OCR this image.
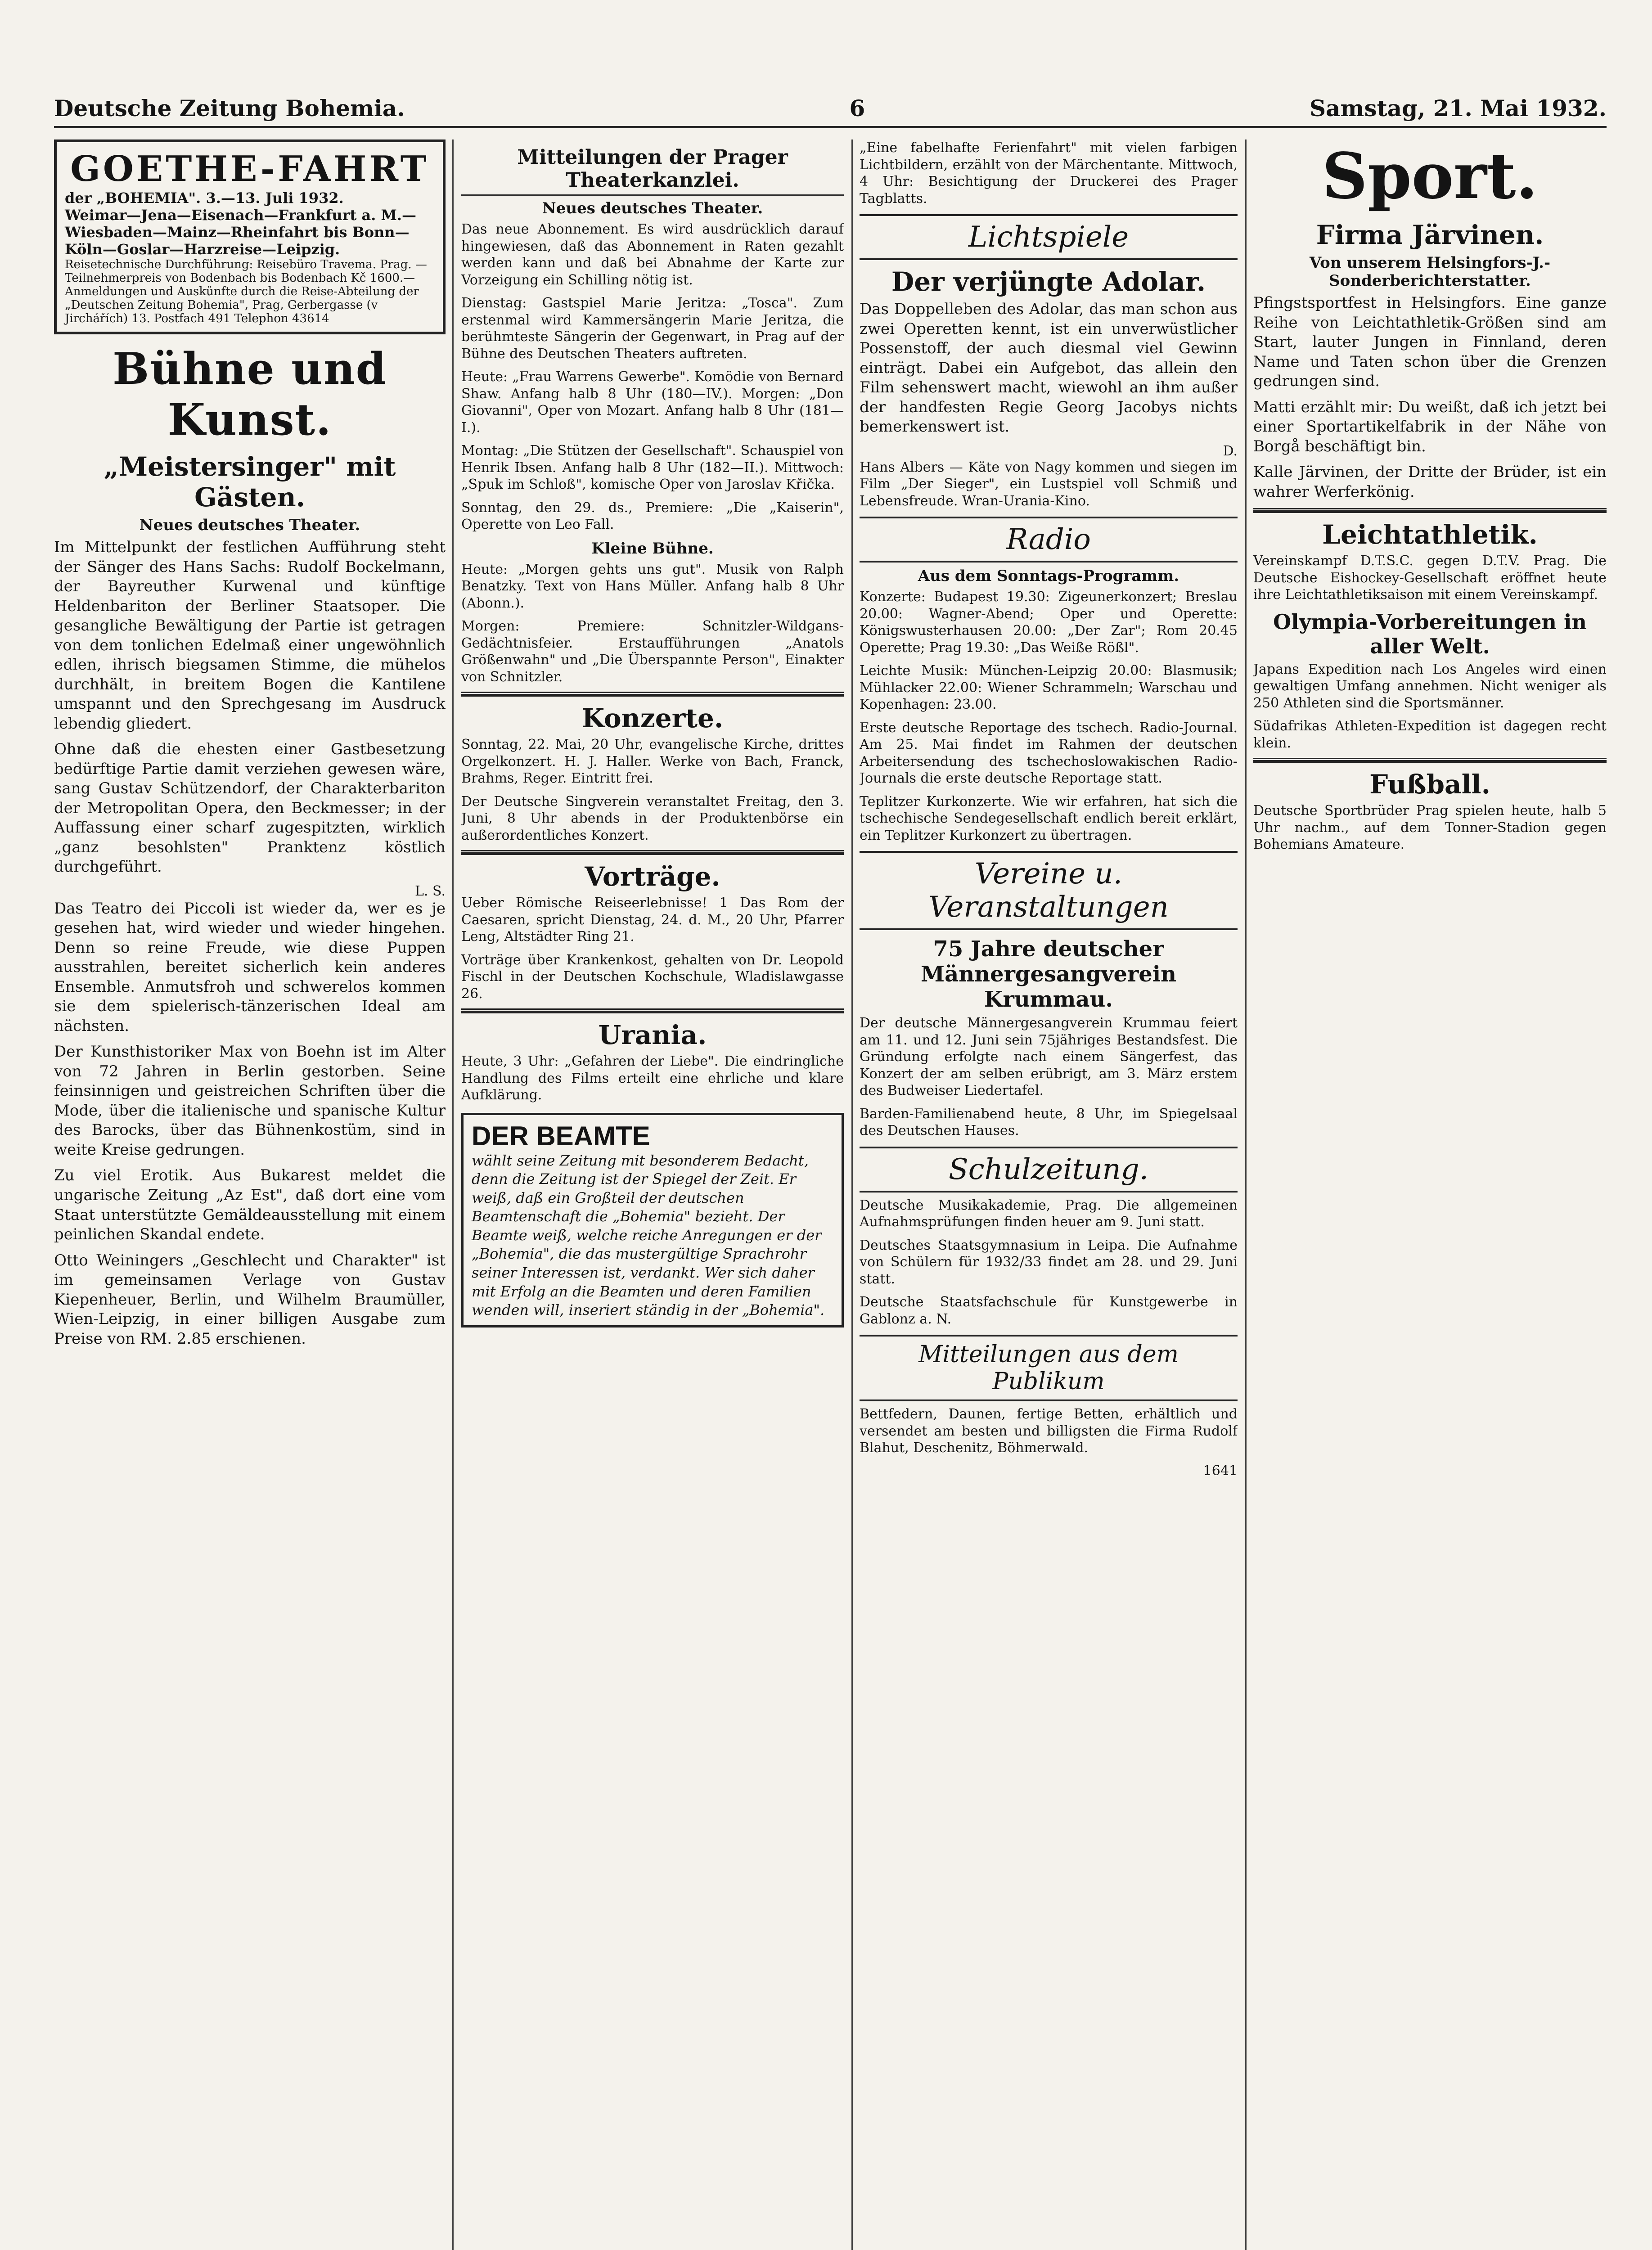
Deutsche Zeitung Bohemia.	6	Samstag, 21. Mai 1932.
GOETHE-FAHRT
der „BOHEMIA". 3.—13. Juli 1932.
Weimar—Jena—Eisenach—Frankfurt a. M.—
Wiesbaden—Mainz—Rheinfahrt bis Bonn—
Köln—Goslar—Harzreise—Leipzig.
Reisetechnische Durchführung: Reisebüro Travema. Prag. — Teilnehmerpreis von Bodenbach bis Bodenbach Kč 1600.—
Anmeldungen und Auskünfte durch die Reise-Abteilung der „Deutschen Zeitung Bohemia", Prag, Gerbergasse (v Jirchářích) 13. Postfach 491 Telephon 43614
Bühne und Kunst.
„Meistersinger" mit Gästen.
Neues deutsches Theater.

Im Mittelpunkt der festlichen Aufführung steht der Sänger des Hans Sachs: Rudolf Bockelmann, der Bayreuther Kurwenal und künftige Heldenbariton der Berliner Staatsoper. Die gesangliche Bewältigung der Partie ist getragen von dem tonlichen Edelmaß einer ungewöhnlich edlen, ihrisch biegsamen Stimme, die mühelos durchhält, in breitem Bogen die Kantilene umspannt und den Sprechgesang im Ausdruck lebendig gliedert.

Ohne daß die ehesten einer Gastbesetzung bedürftige Partie damit verziehen gewesen wäre, sang Gustav Schützendorf, der Charakterbariton der Metropolitan Opera, den Beckmesser; in der Auffassung einer scharf zugespitzten, wirklich „ganz besohlsten" Pranktenz köstlich durchgeführt.

L. S.

Das Teatro dei Piccoli ist wieder da, wer es je gesehen hat, wird wieder und wieder hingehen. Denn so reine Freude, wie diese Puppen ausstrahlen, bereitet sicherlich kein anderes Ensemble. Anmutsfroh und schwerelos kommen sie dem spielerisch-tänzerischen Ideal am nächsten.

Der Kunsthistoriker Max von Boehn ist im Alter von 72 Jahren in Berlin gestorben. Seine feinsinnigen und geistreichen Schriften über die Mode, über die italienische und spanische Kultur des Barocks, über das Bühnenkostüm, sind in weite Kreise gedrungen.

Zu viel Erotik. Aus Bukarest meldet die ungarische Zeitung „Az Est", daß dort eine vom Staat unterstützte Gemäldeausstellung mit einem peinlichen Skandal endete.

Otto Weiningers „Geschlecht und Charakter" ist im gemeinsamen Verlage von Gustav Kiepenheuer, Berlin, und Wilhelm Braumüller, Wien-Leipzig, in einer billigen Ausgabe zum Preise von RM. 2.85 erschienen.

Mitteilungen der Prager Theaterkanzlei.
Neues deutsches Theater.

Das neue Abonnement. Es wird ausdrücklich darauf hingewiesen, daß das Abonnement in Raten gezahlt werden kann und daß bei Abnahme der Karte zur Vorzeigung ein Schilling nötig ist.

Dienstag: Gastspiel Marie Jeritza: „Tosca". Zum erstenmal wird Kammersängerin Marie Jeritza, die berühmteste Sängerin der Gegenwart, in Prag auf der Bühne des Deutschen Theaters auftreten.

Heute: „Frau Warrens Gewerbe". Komödie von Bernard Shaw. Anfang halb 8 Uhr (180—IV.). Morgen: „Don Giovanni", Oper von Mozart. Anfang halb 8 Uhr (181—I.).

Montag: „Die Stützen der Gesellschaft". Schauspiel von Henrik Ibsen. Anfang halb 8 Uhr (182—II.). Mittwoch: „Spuk im Schloß", komische Oper von Jaroslav Křička.

Sonntag, den 29. ds., Premiere: „Die „Kaiserin", Operette von Leo Fall.

Kleine Bühne.

Heute: „Morgen gehts uns gut". Musik von Ralph Benatzky. Text von Hans Müller. Anfang halb 8 Uhr (Abonn.).

Morgen: Premiere: Schnitzler-Wildgans-Gedächtnisfeier. Erstaufführungen „Anatols Größenwahn" und „Die Überspannte Person", Einakter von Schnitzler.

Konzerte.

Sonntag, 22. Mai, 20 Uhr, evangelische Kirche, drittes Orgelkonzert. H. J. Haller. Werke von Bach, Franck, Brahms, Reger. Eintritt frei.

Der Deutsche Singverein veranstaltet Freitag, den 3. Juni, 8 Uhr abends in der Produktenbörse ein außerordentliches Konzert.

Vorträge.

Ueber Römische Reiseerlebnisse! 1 Das Rom der Caesaren, spricht Dienstag, 24. d. M., 20 Uhr, Pfarrer Leng, Altstädter Ring 21.

Vorträge über Krankenkost, gehalten von Dr. Leopold Fischl in der Deutschen Kochschule, Wladislawgasse 26.

Urania.

Heute, 3 Uhr: „Gefahren der Liebe". Die eindringliche Handlung des Films erteilt eine ehrliche und klare Aufklärung.

DER BEAMTE
wählt seine Zeitung mit besonderem Bedacht, denn die Zeitung ist der Spiegel der Zeit. Er weiß, daß ein Großteil der deutschen Beamtenschaft die „Bohemia" bezieht. Der Beamte weiß, welche reiche Anregungen er der „Bohemia", die das mustergültige Sprachrohr seiner Interessen ist, verdankt. Wer sich daher mit Erfolg an die Beamten und deren Familien wenden will, inseriert ständig in der „Bohemia".

„Eine fabelhafte Ferienfahrt" mit vielen farbigen Lichtbildern, erzählt von der Märchentante. Mittwoch, 4 Uhr: Besichtigung der Druckerei des Prager Tagblatts.

Lichtspiele
Der verjüngte Adolar.

Das Doppelleben des Adolar, das man schon aus zwei Operetten kennt, ist ein unverwüstlicher Possenstoff, der auch diesmal viel Gewinn einträgt. Dabei ein Aufgebot, das allein den Film sehenswert macht, wiewohl an ihm außer der handfesten Regie Georg Jacobys nichts bemerkenswert ist.

D.

Hans Albers — Käte von Nagy kommen und siegen im Film „Der Sieger", ein Lustspiel voll Schmiß und Lebensfreude. Wran-Urania-Kino.

Radio
Aus dem Sonntags-Programm.

Konzerte: Budapest 19.30: Zigeunerkonzert; Breslau 20.00: Wagner-Abend; Oper und Operette: Königswusterhausen 20.00: „Der Zar"; Rom 20.45 Operette; Prag 19.30: „Das Weiße Rößl".

Leichte Musik: München-Leipzig 20.00: Blasmusik; Mühlacker 22.00: Wiener Schrammeln; Warschau und Kopenhagen: 23.00.

Erste deutsche Reportage des tschech. Radio-Journal. Am 25. Mai findet im Rahmen der deutschen Arbeitersendung des tschechoslowakischen Radio-Journals die erste deutsche Reportage statt.

Teplitzer Kurkonzerte. Wie wir erfahren, hat sich die tschechische Sendegesellschaft endlich bereit erklärt, ein Teplitzer Kurkonzert zu übertragen.

Vereine u. Veranstaltungen
75 Jahre deutscher Männergesangverein Krummau.

Der deutsche Männergesangverein Krummau feiert am 11. und 12. Juni sein 75jähriges Bestandsfest. Die Gründung erfolgte nach einem Sängerfest, das Konzert der am selben erübrigt, am 3. März erstem des Budweiser Liedertafel.

Barden-Familienabend heute, 8 Uhr, im Spiegelsaal des Deutschen Hauses.

Schulzeitung.

Deutsche Musikakademie, Prag. Die allgemeinen Aufnahmsprüfungen finden heuer am 9. Juni statt.

Deutsches Staatsgymnasium in Leipa. Die Aufnahme von Schülern für 1932/33 findet am 28. und 29. Juni statt.

Deutsche Staatsfachschule für Kunstgewerbe in Gablonz a. N.

Mitteilungen aus dem Publikum

Bettfedern, Daunen, fertige Betten, erhältlich und versendet am besten und billigsten die Firma Rudolf Blahut, Deschenitz, Böhmerwald.

1641
Sport.
Firma Järvinen.
Von unserem Helsingfors-J.-Sonderberichterstatter.

Pfingstsportfest in Helsingfors. Eine ganze Reihe von Leichtathletik-Größen sind am Start, lauter Jungen in Finnland, deren Name und Taten schon über die Grenzen gedrungen sind.

Matti erzählt mir: Du weißt, daß ich jetzt bei einer Sportartikelfabrik in der Nähe von Borgå beschäftigt bin.

Kalle Järvinen, der Dritte der Brüder, ist ein wahrer Werferkönig.

Leichtathletik.

Vereinskampf D.T.S.C. gegen D.T.V. Prag. Die Deutsche Eishockey-Gesellschaft eröffnet heute ihre Leichtathletiksaison mit einem Vereinskampf.

Olympia-Vorbereitungen in aller Welt.

Japans Expedition nach Los Angeles wird einen gewaltigen Umfang annehmen. Nicht weniger als 250 Athleten sind die Sportsmänner.

Südafrikas Athleten-Expedition ist dagegen recht klein.

Fußball.

Deutsche Sportbrüder Prag spielen heute, halb 5 Uhr nachm., auf dem Tonner-Stadion gegen Bohemians Amateure.
